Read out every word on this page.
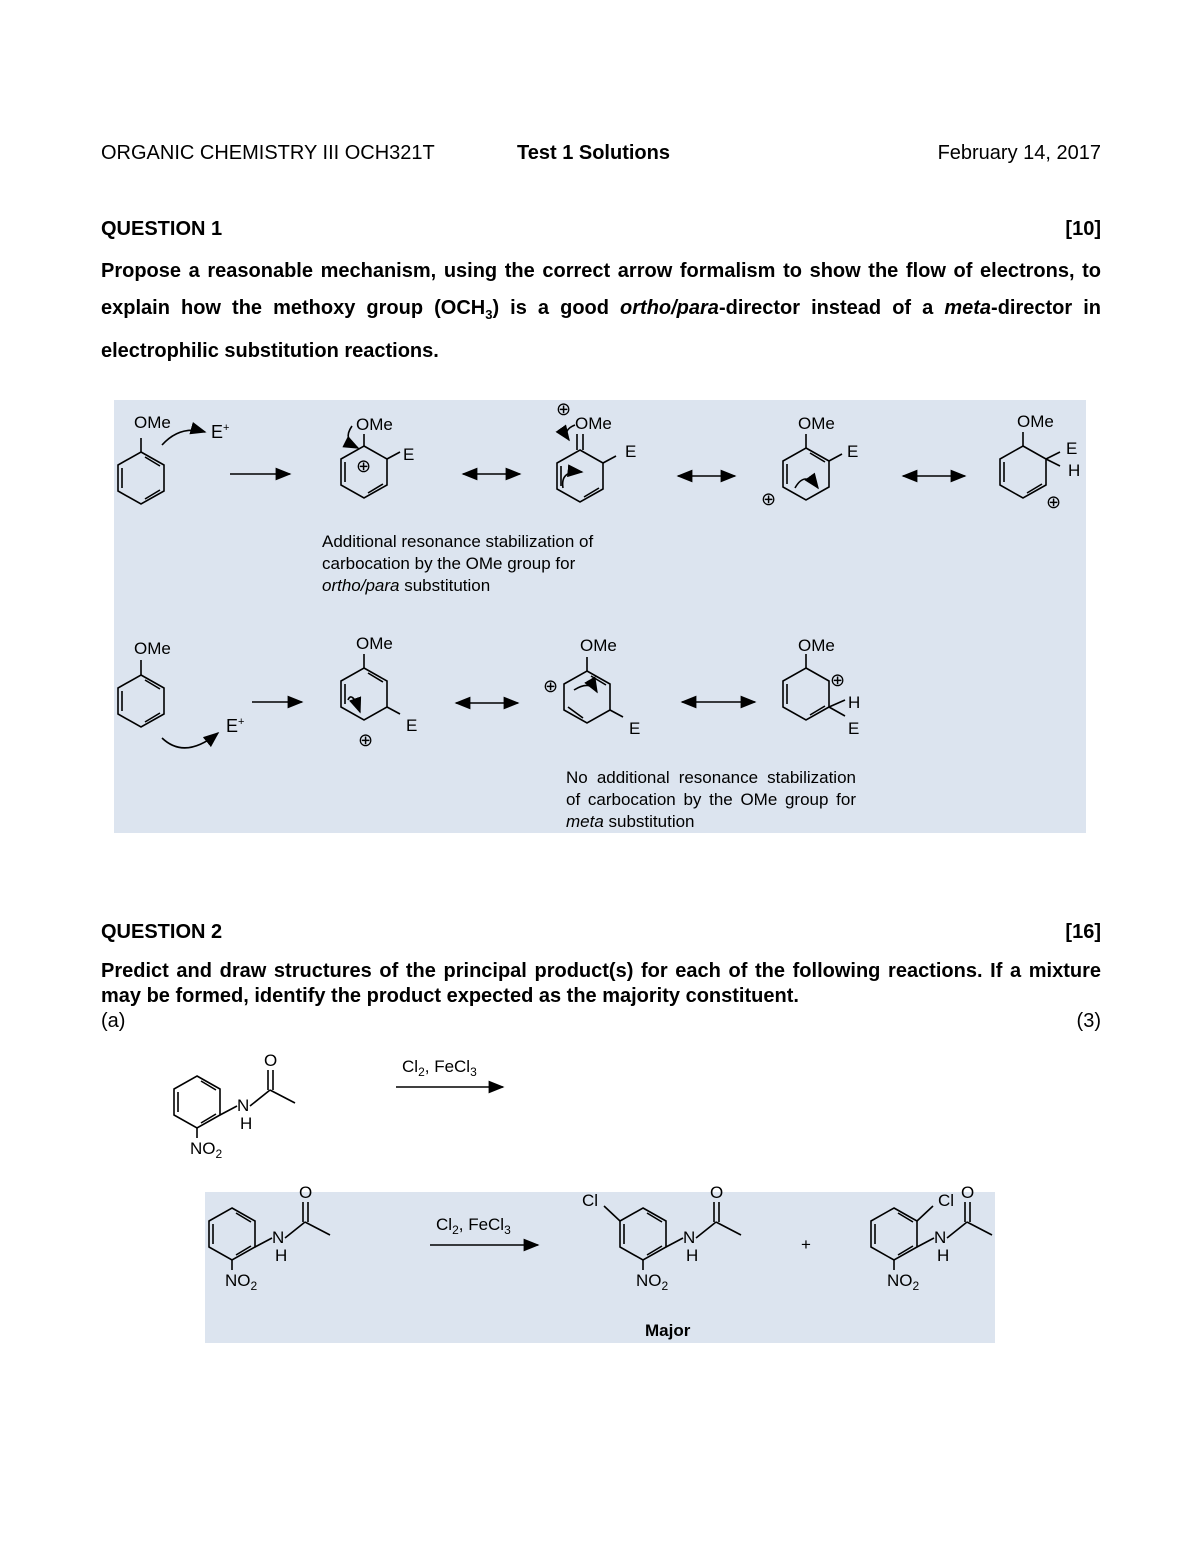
ORGANIC CHEMISTRY III OCH321T	Test 1 Solutions	February 14, 2017
QUESTION 1	[10]
Propose a reasonable mechanism, using the correct arrow formalism to show the flow of electrons, to explain how the methoxy group $(OCH_3)$ is a good ortho/para-director instead of a meta-director in electrophilic substitution reactions.
OMe E+	OMe
E
⊕
⊕
OMe
E
OMe
E
⊕
OMe
E
H
⊕
OMe
E+
OMe
E
⊕
OMe
E
⊕
OMe
⊕
H
E
Additional resonance stabilization of carbocation by the OMe group for ortho/para substitution
No additional resonance stabilization of carbocation by the OMe group for meta substitution
QUESTION 2	[16]
Predict and draw structures of the principal product(s) for each of the following reactions. If a mixture may be formed, identify the product expected as the majority constituent.
(a)	(3)
O
N
H
$NO_2$
$Cl_2$, FeCl$_3$
O
N
H
$NO_2$
$Cl_2$, FeCl$_3$
Cl	O
N
H
$NO_2$
Major
+
Cl O
N
H
$NO_2$
